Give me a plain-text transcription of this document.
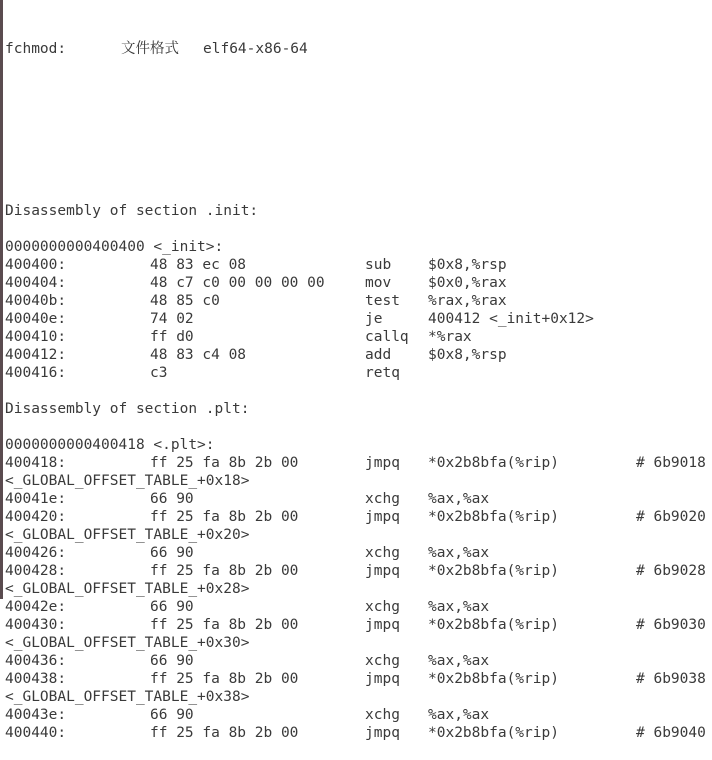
fchmod:

	文件格式

elf64-x86-64

Disassembly of section .init:
0000000000400400 <_init>:
400400:	48 83 ec 08	sub	$0x8,%rsp
400404:	48 c7 c0 00 00 00 00	mov	$0x0,%rax
40040b:	48 85 c0	test %rax,%rax
40040e:	74 02	je	400412 <_init+0x12>
400410:	ff d0	callq *%rax
400412:	48 83 c4 08	add	$0x8,%rsp
400416:	c3	retq
Disassembly of section .plt:
0000000000400418 <.plt>:
400418:	ff 25 fa 8b 2b 00	jmpq *0x2b8bfa(%rip)	# 6b9018
<_GLOBAL_OFFSET_TABLE_+0x18>
40041e:	66 90	xchg %ax,%ax
400420:	ff 25 fa 8b 2b 00	jmpq *0x2b8bfa(%rip)	# 6b9020
<_GLOBAL_OFFSET_TABLE_+0x20>
400426:	66 90	xchg %ax,%ax
400428:	ff 25 fa 8b 2b 00	jmpq *0x2b8bfa(%rip)	# 6b9028
<_GLOBAL_OFFSET_TABLE_+0x28>
40042e:	66 90	xchg %ax,%ax
400430:	ff 25 fa 8b 2b 00	jmpq *0x2b8bfa(%rip)	# 6b9030
<_GLOBAL_OFFSET_TABLE_+0x30>
400436:	66 90	xchg %ax,%ax
400438:	ff 25 fa 8b 2b 00	jmpq *0x2b8bfa(%rip)	# 6b9038
<_GLOBAL_OFFSET_TABLE_+0x38>
40043e:	66 90	xchg %ax,%ax
400440:	ff 25 fa 8b 2b 00	jmpq *0x2b8bfa(%rip)	# 6b9040
